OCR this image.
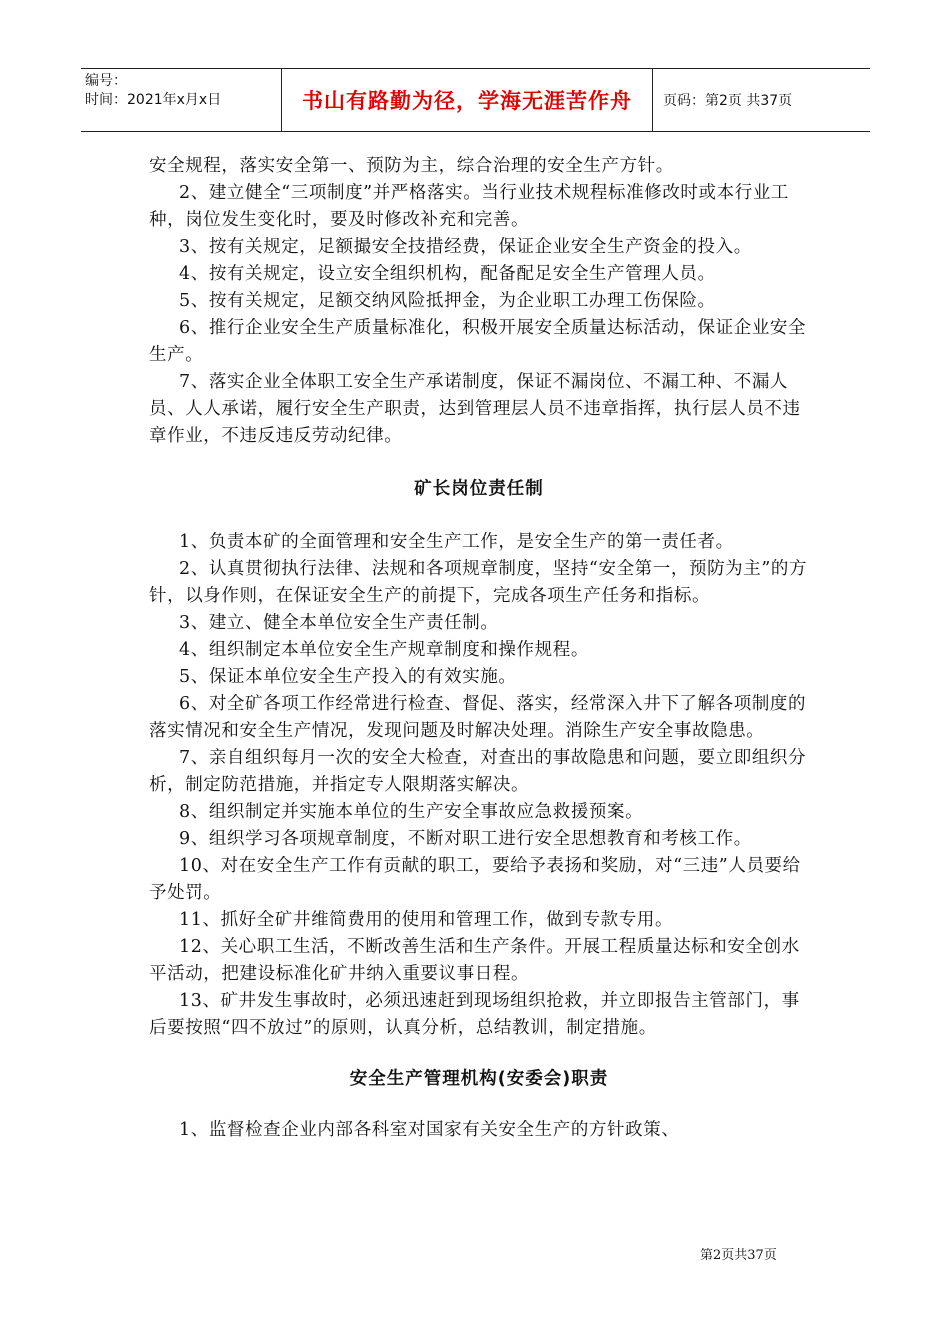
编号：
时间：2021年x月x日	书山有路勤为径，学海无涯苦作舟	页码：第2页 共37页

安全规程，落实安全第一、预防为主，综合治理的安全生产方针。

2、建立健全“三项制度”并严格落实。当行业技术规程标准修改时或本行业工种，岗位发生变化时，要及时修改补充和完善。

3、按有关规定，足额撮安全技措经费，保证企业安全生产资金的投入。

4、按有关规定，设立安全组织机构，配备配足安全生产管理人员。

5、按有关规定，足额交纳风险抵押金，为企业职工办理工伤保险。

6、推行企业安全生产质量标准化，积极开展安全质量达标活动，保证企业安全生产。

7、落实企业全体职工安全生产承诺制度，保证不漏岗位、不漏工种、不漏人员、人人承诺，履行安全生产职责，达到管理层人员不违章指挥，执行层人员不违章作业，不违反违反劳动纪律。

矿长岗位责任制

1、负责本矿的全面管理和安全生产工作，是安全生产的第一责任者。

2、认真贯彻执行法律、法规和各项规章制度，坚持“安全第一，预防为主”的方针，以身作则，在保证安全生产的前提下，完成各项生产任务和指标。

3、建立、健全本单位安全生产责任制。

4、组织制定本单位安全生产规章制度和操作规程。

5、保证本单位安全生产投入的有效实施。

6、对全矿各项工作经常进行检查、督促、落实，经常深入井下了解各项制度的落实情况和安全生产情况，发现问题及时解决处理。消除生产安全事故隐患。

7、亲自组织每月一次的安全大检查，对查出的事故隐患和问题，要立即组织分析，制定防范措施，并指定专人限期落实解决。

8、组织制定并实施本单位的生产安全事故应急救援预案。

9、组织学习各项规章制度，不断对职工进行安全思想教育和考核工作。

10、对在安全生产工作有贡献的职工，要给予表扬和奖励，对“三违”人员要给予处罚。

11、抓好全矿井维简费用的使用和管理工作，做到专款专用。

12、关心职工生活，不断改善生活和生产条件。开展工程质量达标和安全创水平活动，把建设标准化矿井纳入重要议事日程。

13、矿井发生事故时，必须迅速赶到现场组织抢救，并立即报告主管部门，事后要按照“四不放过”的原则，认真分析，总结教训，制定措施。

安全生产管理机构(安委会)职责

1、监督检查企业内部各科室对国家有关安全生产的方针政策、

第2页共37页
